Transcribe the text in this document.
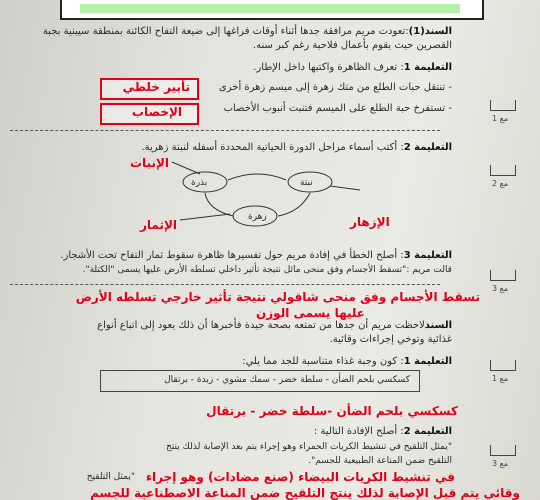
السند(1):تعودت مريم مرافقة جدها أثناء أوقات فراغها إلى ضيعة التفاح الكائنة بمنطقة سيبنية بجبة
القصرين حيث يقوم بأعمال فلاحية رغم كبر سنه.
التعليمة 1: تعرف الظاهرة واكتبها داخل الإطار.
- تنتقل حبات الطلع من متك زهرة إلى ميسم زهرة أخرى
- تستفرخ حبة الطلع على الميسم فتنبت أنبوب الأخصاب
تأبير خلطي
الإخصاب
التعليمة 2: أكتب أسماء مراحل الدورة الحياتية المحددة أسفله لنبتة زهرية.
بذرة	نبتة
زهرة
الإنبات
الإثمار	الإزهار
التعليمة 3: أصلح الخطأ في إفادة مريم حول تفسيرها ظاهرة سقوط ثمار التفاح تحت الأشجار.
قالت مريم :"تسقط الأجسام وفق منحى مائل نتيجة تأثير داخلي تسلطه الأرض عليها يسمى "الكتلة".
تسقط الأجسام وفق منحى شاقولي نتيجة تأثير خارجي تسلطه الأرض
عليها يسمى الوزن
السندلاحظت مريم أن جدها من تمتعه بصحة جيدة فأخبرها أن ذلك يعود إلى اتباع أنواع
غذائية وتوخي إجراءات وقائية.
التعليمة 1: كون وجبة غذاء متناسبة للجد مما يلي:
كسكسي بلحم الضأن - سلطة خضر - سمك مشوي - زبدة - برتقال
كسكسي بلحم الضأن -سلطة خضر - برتقال
التعليمة 2: أصلح الإفادة التالية :
"يمثل التلقيح في تنشيط الكريات الحمراء وهو إجراء يتم بعد الإصابة لذلك ينتج
التلقيح ضمن المناعة الطبيعية للجسم".
"يمثل التلقيح في تنشيط الكريات البيضاء (صنع مضادات) وهو إجراء
وقائي يتم قبل الإصابة لذلك ينتج التلقيح ضمن المناعة الاصطناعية للجسم
مع 1
مع 2
مع 3
مع 1
مع 3
